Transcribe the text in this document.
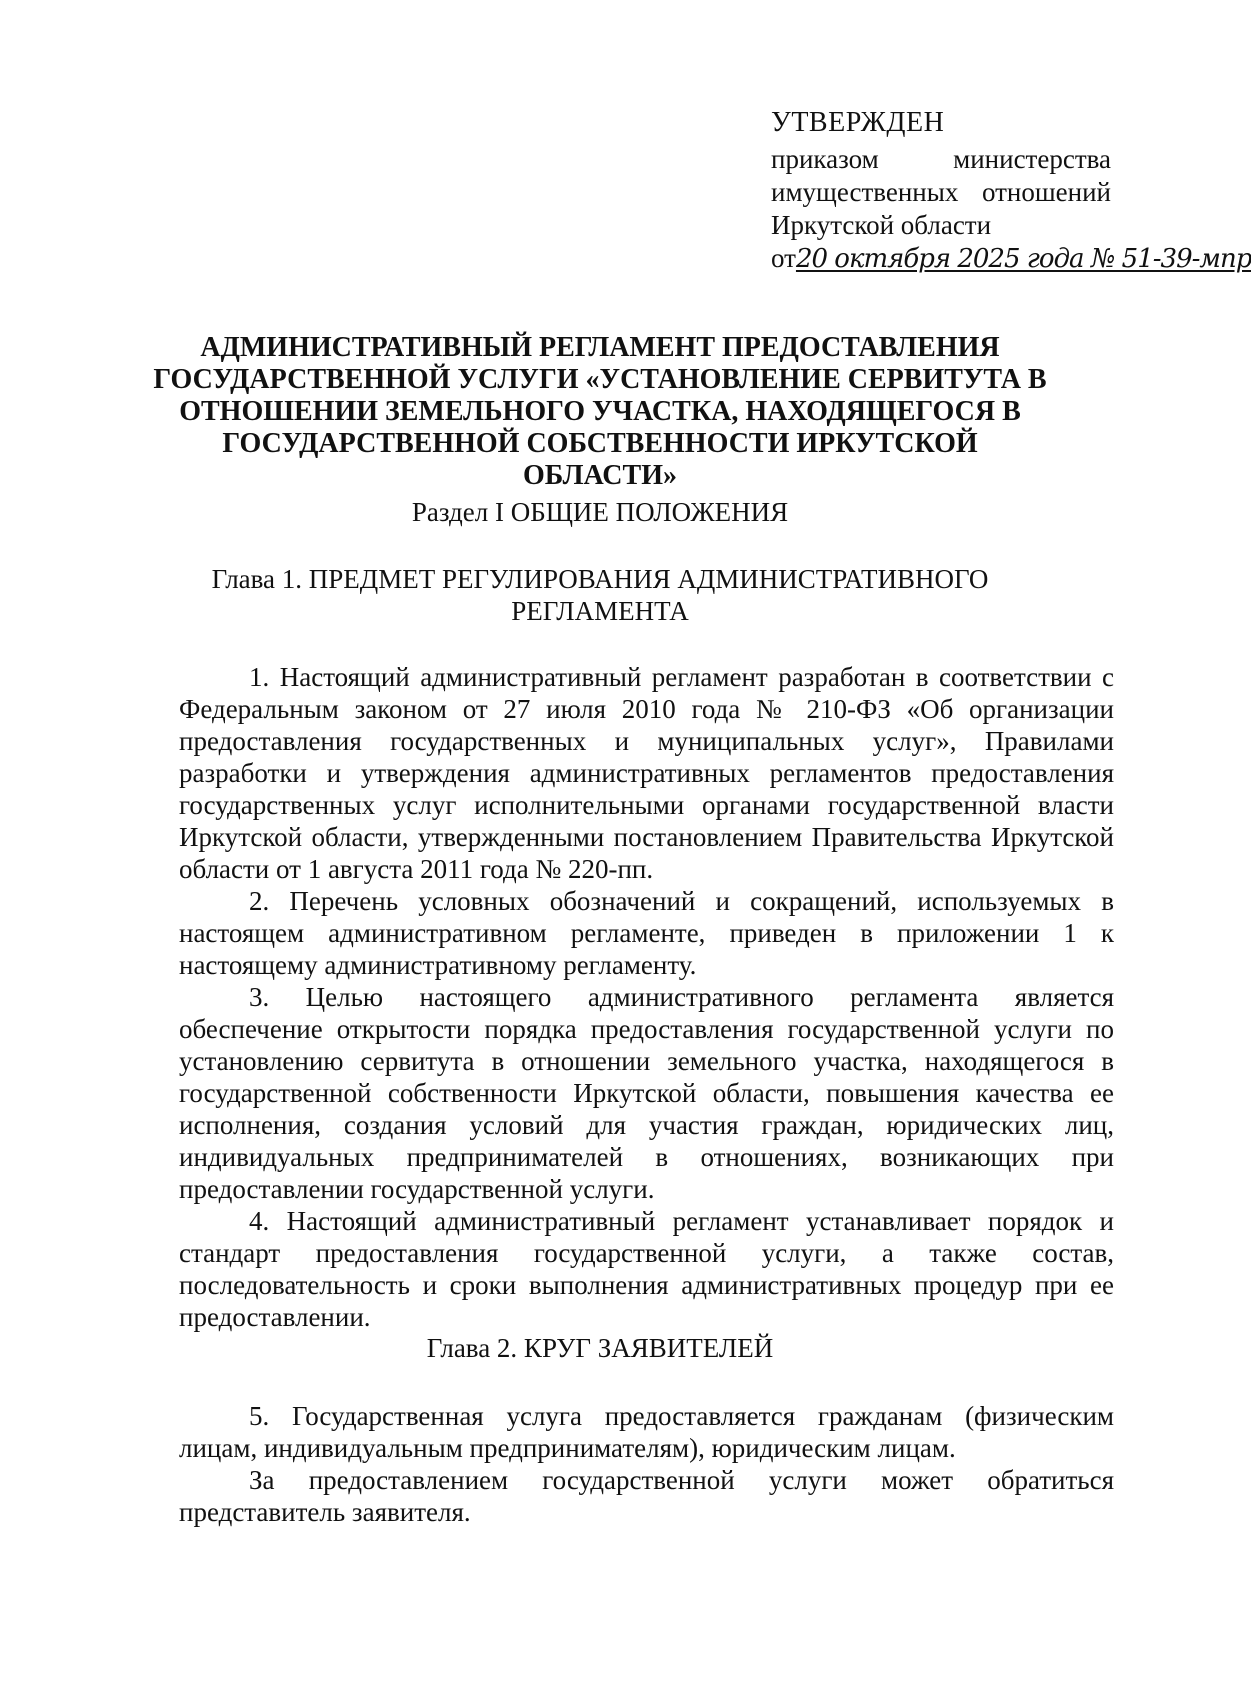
УТВЕРЖДЕН
приказом министерства
имущественных отношений
Иркутской области
от20 октября 2025 года № 51-39-мпр
АДМИНИСТРАТИВНЫЙ РЕГЛАМЕНТ ПРЕДОСТАВЛЕНИЯ ГОСУДАРСТВЕННОЙ УСЛУГИ «УСТАНОВЛЕНИЕ СЕРВИТУТА В ОТНОШЕНИИ ЗЕМЕЛЬНОГО УЧАСТКА, НАХОДЯЩЕГОСЯ В ГОСУДАРСТВЕННОЙ СОБСТВЕННОСТИ ИРКУТСКОЙ ОБЛАСТИ»
Раздел I ОБЩИЕ ПОЛОЖЕНИЯ
Глава 1. ПРЕДМЕТ РЕГУЛИРОВАНИЯ АДМИНИСТРАТИВНОГО РЕГЛАМЕНТА

1. Настоящий административный регламент разработан в соответствии с Федеральным законом от 27 июля 2010 года № 210-ФЗ «Об организации предоставления государственных и муниципальных услуг», Правилами разработки и утверждения административных регламентов предоставления государственных услуг исполнительными органами государственной власти Иркутской области, утвержденными постановлением Правительства Иркутской области от 1 августа 2011 года № 220-пп.

2. Перечень условных обозначений и сокращений, используемых в настоящем административном регламенте, приведен в приложении 1 к настоящему административному регламенту.

3. Целью настоящего административного регламента является обеспечение открытости порядка предоставления государственной услуги по установлению сервитута в отношении земельного участка, находящегося в государственной собственности Иркутской области, повышения качества ее исполнения, создания условий для участия граждан, юридических лиц, индивидуальных предпринимателей в отношениях, возникающих при предоставлении государственной услуги.

4. Настоящий административный регламент устанавливает порядок и стандарт предоставления государственной услуги, а также состав, последовательность и сроки выполнения административных процедур при ее предоставлении.

Глава 2. КРУГ ЗАЯВИТЕЛЕЙ

5. Государственная услуга предоставляется гражданам (физическим лицам, индивидуальным предпринимателям), юридическим лицам.

За предоставлением государственной услуги может обратиться представитель заявителя.
